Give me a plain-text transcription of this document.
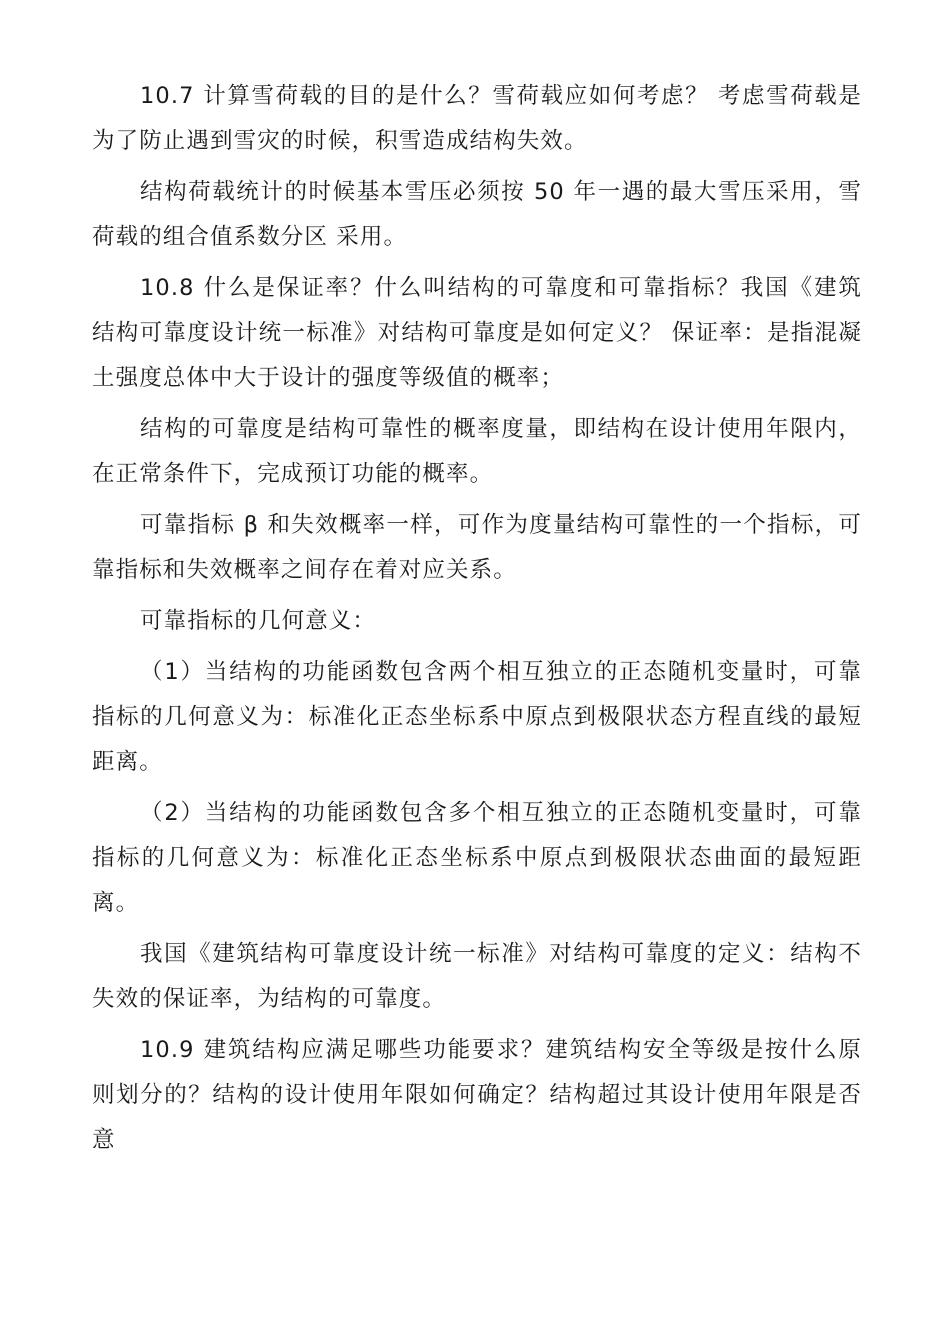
10.7 计算雪荷载的目的是什么？雪荷载应如何考虑？ 考虑雪荷载是为了防止遇到雪灾的时候，积雪造成结构失效。

结构荷载统计的时候基本雪压必须按 50 年一遇的最大雪压采用，雪荷载的组合值系数分区 采用。

10.8 什么是保证率？什么叫结构的可靠度和可靠指标？我国《建筑结构可靠度设计统一标准》对结构可靠度是如何定义？ 保证率：是指混凝土强度总体中大于设计的强度等级值的概率；

结构的可靠度是结构可靠性的概率度量，即结构在设计使用年限内，在正常条件下，完成预订功能的概率。

可靠指标 β 和失效概率一样，可作为度量结构可靠性的一个指标，可靠指标和失效概率之间存在着对应关系。

可靠指标的几何意义：

（1）当结构的功能函数包含两个相互独立的正态随机变量时，可靠指标的几何意义为：标准化正态坐标系中原点到极限状态方程直线的最短距离。

（2）当结构的功能函数包含多个相互独立的正态随机变量时，可靠指标的几何意义为：标准化正态坐标系中原点到极限状态曲面的最短距离。

我国《建筑结构可靠度设计统一标准》对结构可靠度的定义：结构不失效的保证率，为结构的可靠度。

10.9 建筑结构应满足哪些功能要求？建筑结构安全等级是按什么原则划分的？结构的设计使用年限如何确定？结构超过其设计使用年限是否意
